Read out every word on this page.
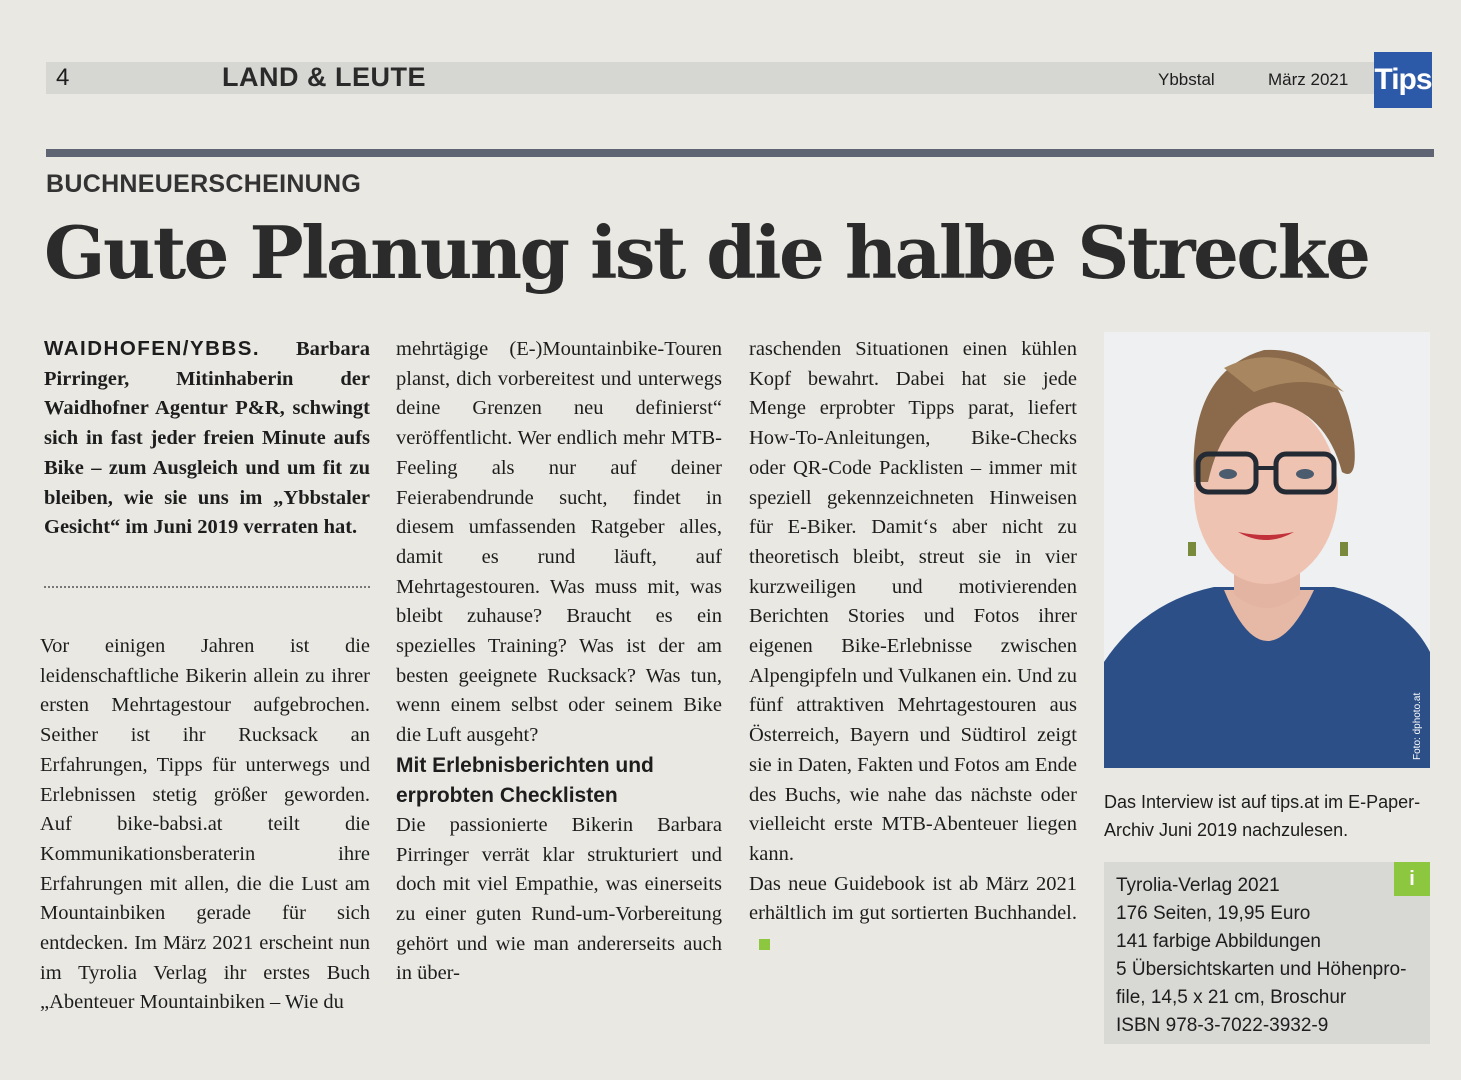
4	LAND & LEUTE	Ybbstal	März 2021 Tips
BUCHNEUERSCHEINUNG
Gute Planung ist die halbe Strecke
WAIDHOFEN/YBBS. Barbara Pirringer, Mitinhaberin der Waidhofner Agentur P&R, schwingt sich in fast jeder freien Minute aufs Bike – zum Ausgleich und um fit zu bleiben, wie sie uns im „Ybbstaler Gesicht“ im Juni 2019 verraten hat.

Vor einigen Jahren ist die leidenschaftliche Bikerin allein zu ihrer ersten Mehrtagestour aufgebrochen. Seither ist ihr Rucksack an Erfahrungen, Tipps für unterwegs und Erlebnissen stetig größer geworden. Auf bike-babsi.at teilt die Kommunikationsberaterin ihre Erfahrungen mit allen, die die Lust am Mountainbiken gerade für sich entdecken. Im März 2021 erscheint nun im Tyrolia Verlag ihr erstes Buch „Abenteuer Mountainbiken – Wie du

mehrtägige (E-)Mountainbike-Touren planst, dich vorbereitest und unterwegs deine Grenzen neu definierst“ veröffentlicht. Wer endlich mehr MTB-Feeling als nur auf deiner Feierabendrunde sucht, findet in diesem umfassenden Ratgeber alles, damit es rund läuft, auf Mehrtagestouren. Was muss mit, was bleibt zuhause? Braucht es ein spezielles Training? Was ist der am besten geeignete Rucksack? Was tun, wenn einem selbst oder seinem Bike die Luft ausgeht?

Mit Erlebnisberichten und erprobten Checklisten

Die passionierte Bikerin Barbara Pirringer verrät klar strukturiert und doch mit viel Empathie, was einerseits zu einer guten Rund-um-Vorbereitung gehört und wie man andererseits auch in über-

raschenden Situationen einen kühlen Kopf bewahrt. Dabei hat sie jede Menge erprobter Tipps parat, liefert How-To-Anleitungen, Bike-Checks oder QR-Code Packlisten – immer mit speziell gekennzeichneten Hinweisen für E-Biker. Damit‘s aber nicht zu theoretisch bleibt, streut sie in vier kurzweiligen und motivierenden Berichten Stories und Fotos ihrer eigenen Bike-Erlebnisse zwischen Alpengipfeln und Vulkanen ein. Und zu fünf attraktiven Mehrtagestouren aus Österreich, Bayern und Südtirol zeigt sie in Daten, Fakten und Fotos am Ende des Buchs, wie nahe das nächste oder vielleicht erste MTB-Abenteuer liegen kann.

Das neue Guidebook ist ab März 2021 erhältlich im gut sortierten Buchhandel.

Foto: dphoto.at
Das Interview ist auf tips.at im E-Paper-Archiv Juni 2019 nachzulesen.
i
Tyrolia-Verlag 2021
176 Seiten, 19,95 Euro
141 farbige Abbildungen
5 Übersichtskarten und Höhenpro-
file, 14,5 x 21 cm, Broschur
ISBN 978-3-7022-3932-9
